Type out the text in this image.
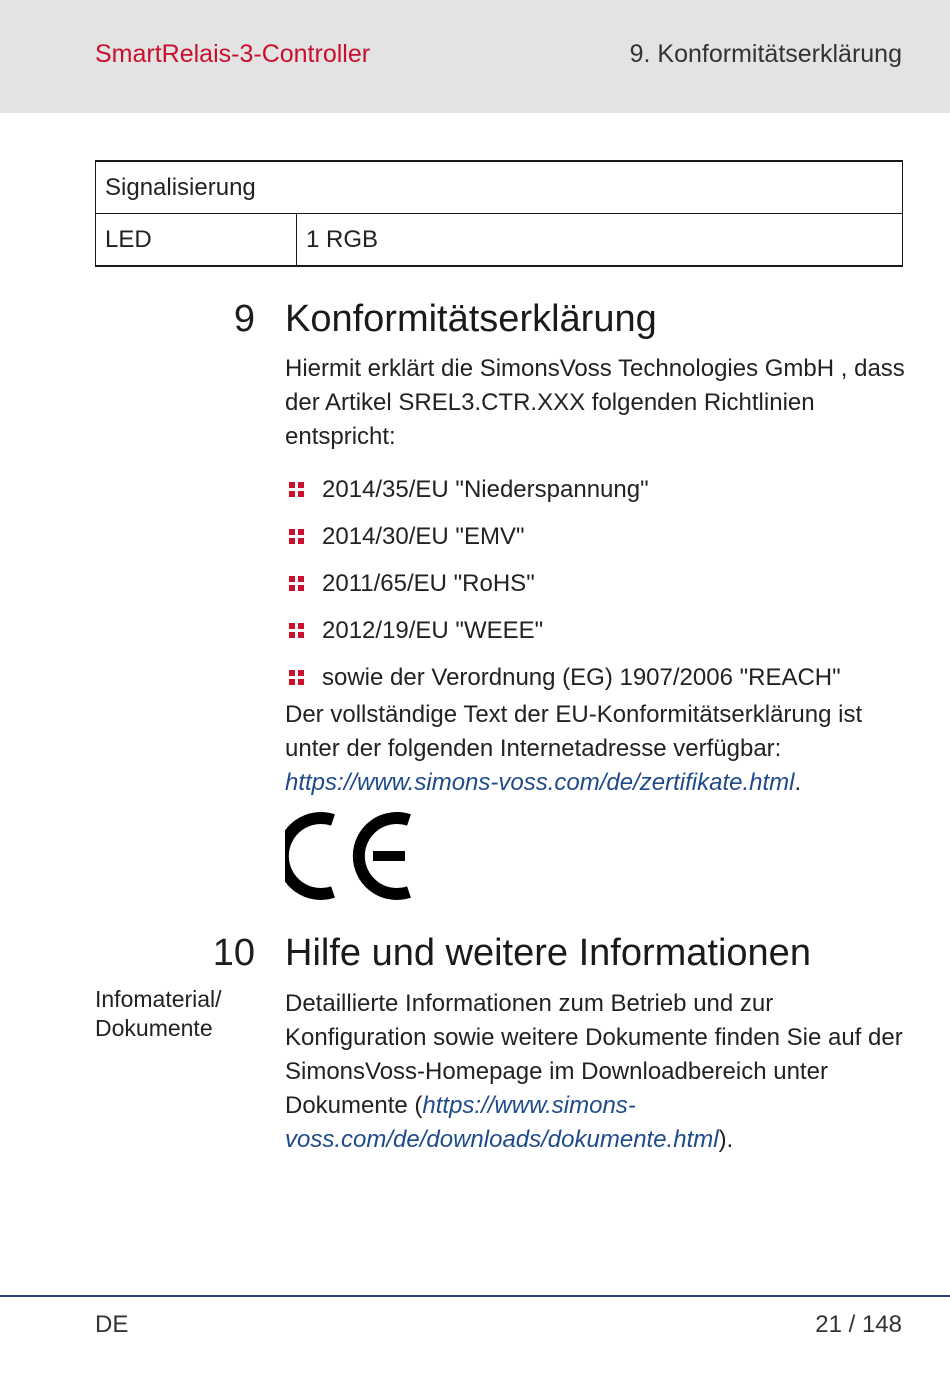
SmartRelais-3-Controller	9. Konformitätserklärung
Signalisierung
LED	1 RGB
9 Konformitätserklärung
Hiermit erklärt die SimonsVoss Technologies GmbH , dass der Artikel SREL3.CTR.XXX folgenden Richtlinien entspricht:
2014/35/EU "Niederspannung"
2014/30/EU "EMV"
2011/65/EU "RoHS"
2012/19/EU "WEEE"
sowie der Verordnung (EG) 1907/2006 "REACH"
Der vollständige Text der EU-Konformitätserklärung ist unter der folgenden Internetadresse verfügbar: https://www.simons-voss.com/de/zertifikate.html.
10 Hilfe und weitere Informationen
Infomaterial/ Dokumente
Detaillierte Informationen zum Betrieb und zur Konfiguration sowie weitere Dokumente finden Sie auf der SimonsVoss-Homepage im Downloadbereich unter Dokumente (https://www.simons-voss.com/de/downloads/dokumente.html).
DE	21 / 148
